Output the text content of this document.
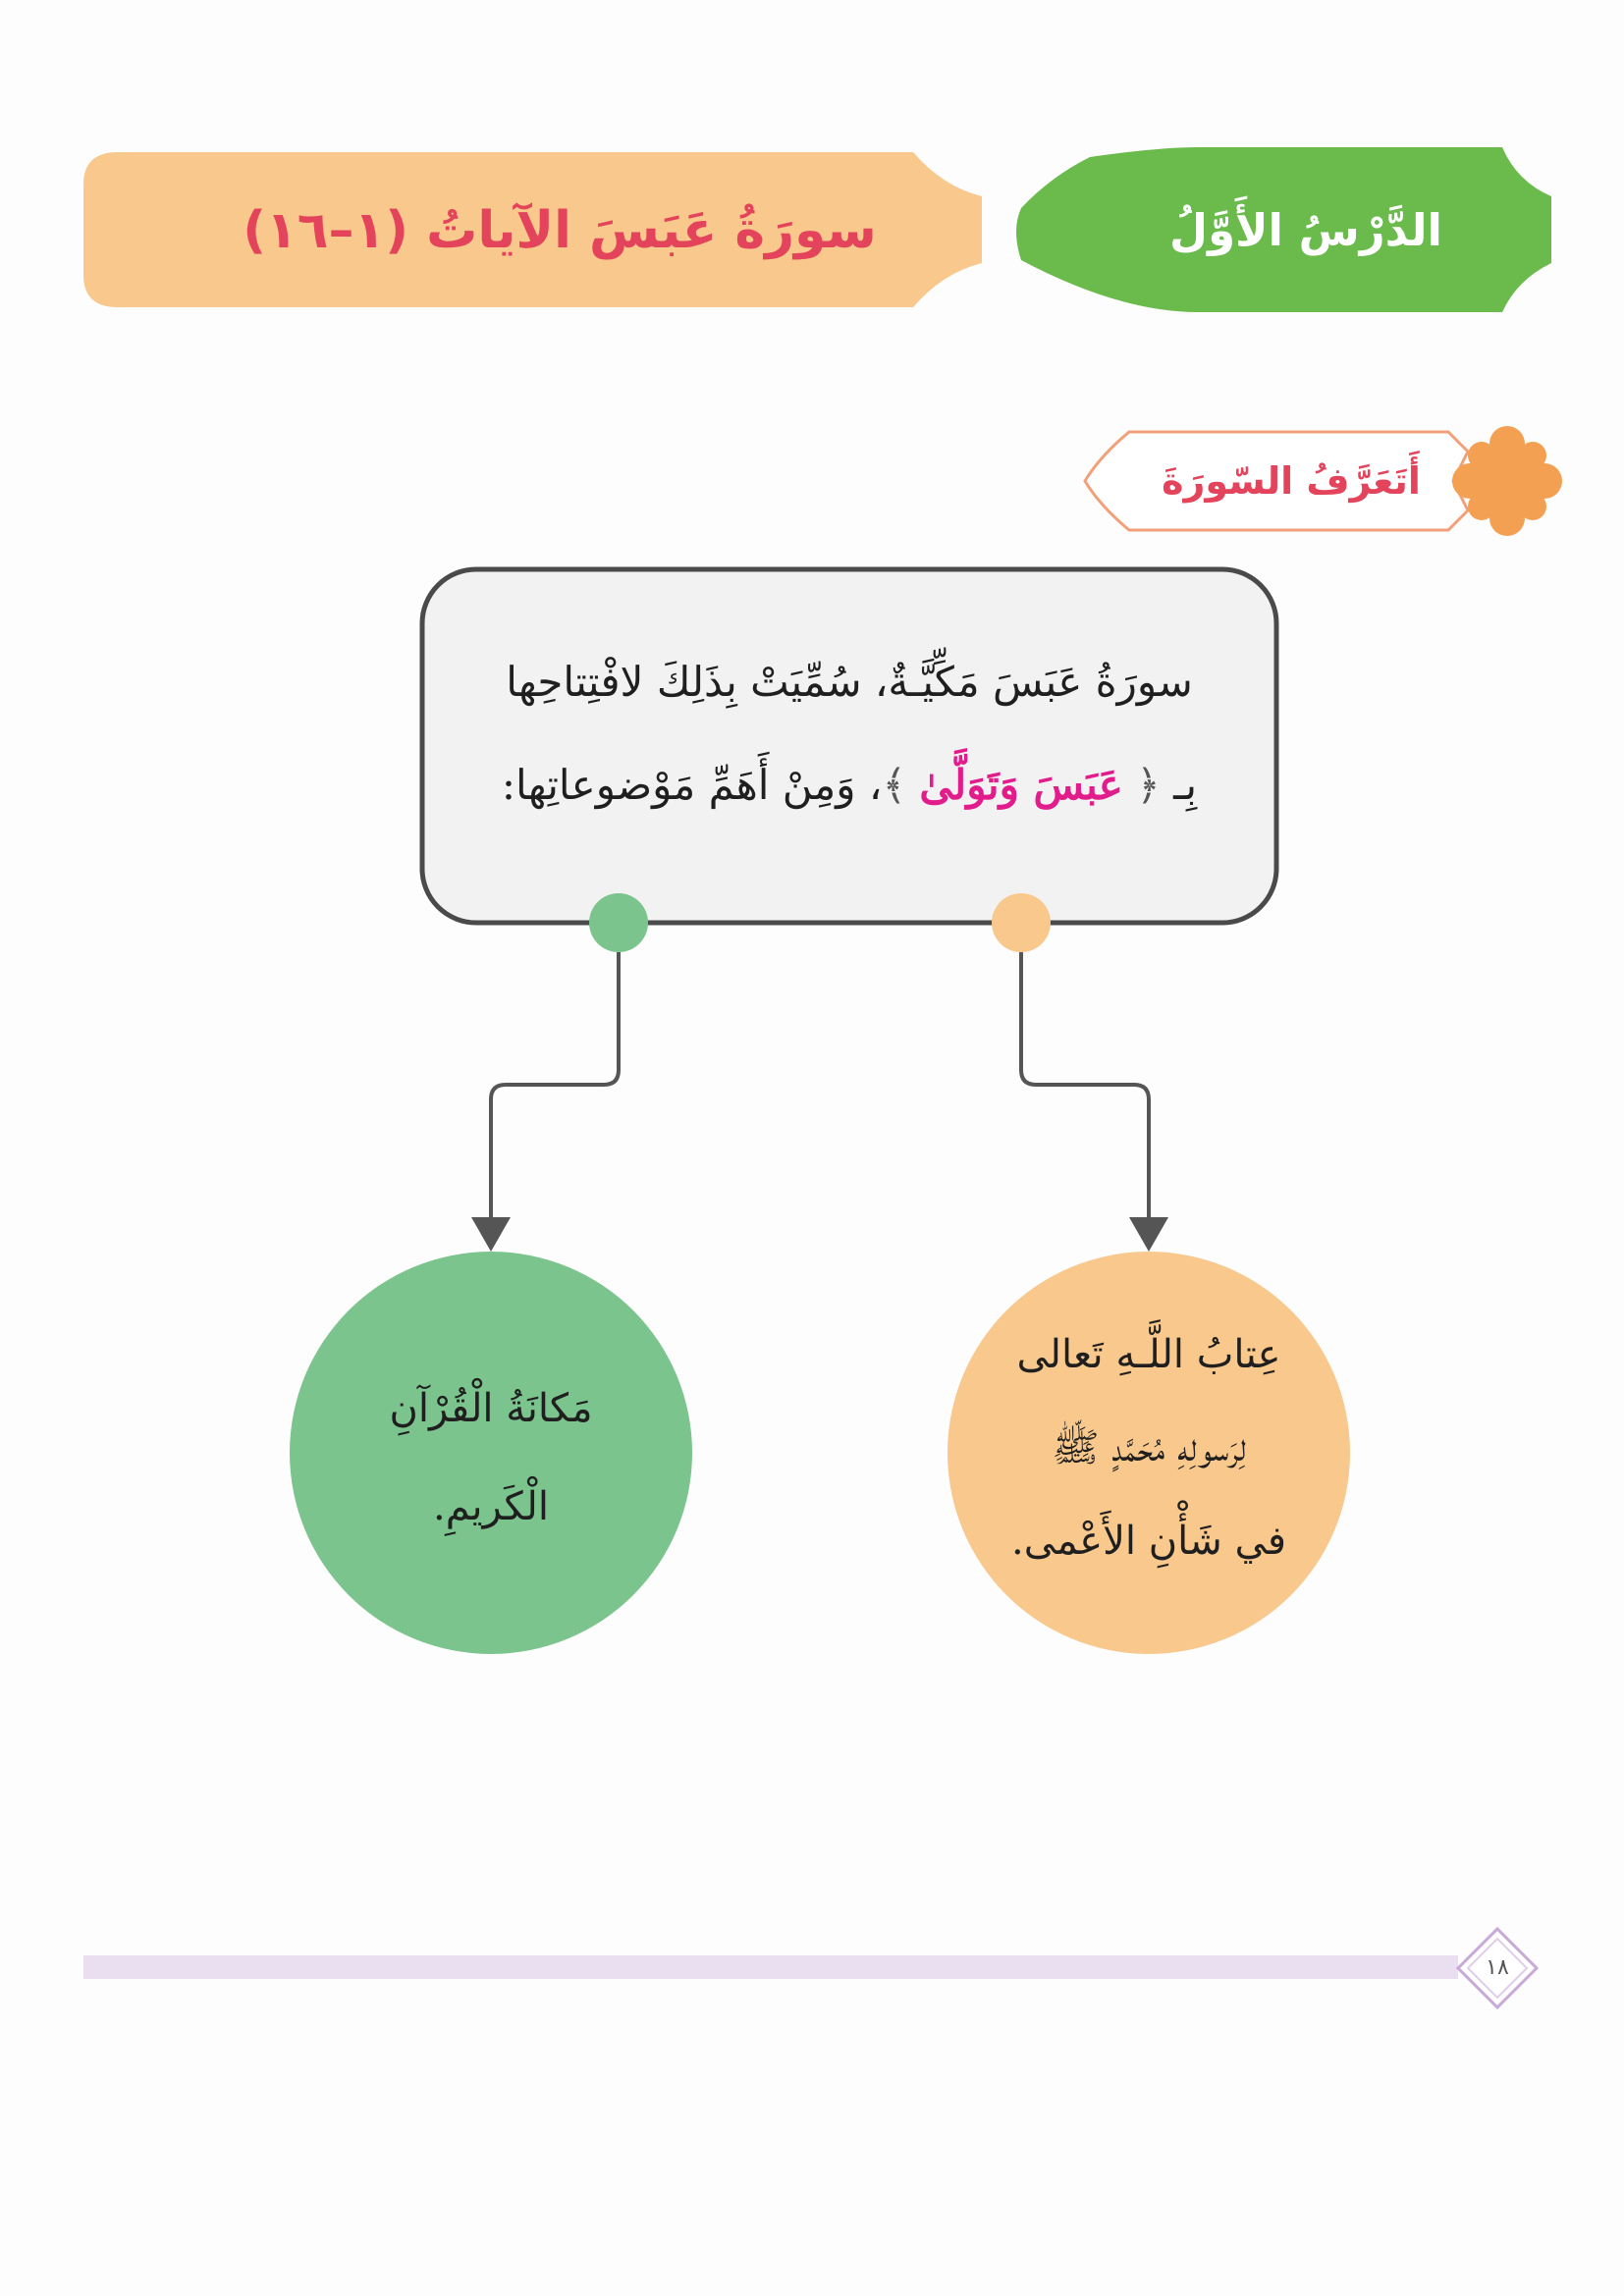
الدَّرْسُ الأَوَّلُ
سورَةُ عَبَسَ الآياتُ (١–١٦)
أَتَعَرَّفُ السّورَةَ
سورَةُ عَبَسَ مَكِّيَّـةٌ، سُمِّيَتْ بِذَلِكَ لافْتِتاحِها
بِـ ﴿ عَبَسَ وَتَوَلَّىٰ ﴾، وَمِنْ أَهَمِّ مَوْضوعاتِها:
عِتابُ اللَّـهِ تَعالى
لِرَسولِهِ مُحَمَّدٍ ﷺ
في شَأْنِ الأَعْمى.
مَكانَةُ الْقُرْآنِ
الْكَريمِ.
١٨
